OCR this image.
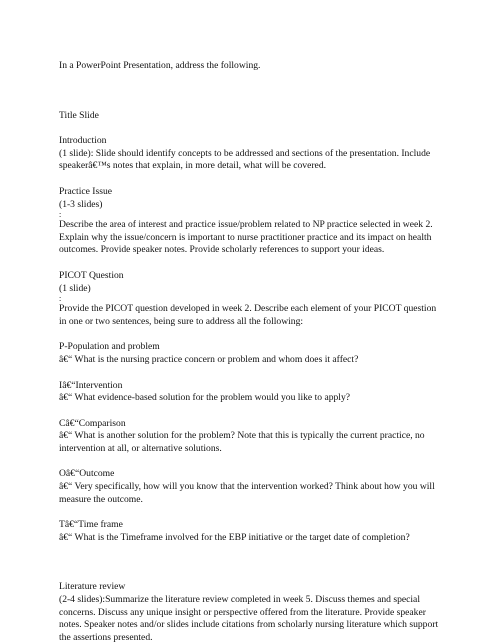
In a PowerPoint Presentation, address the following.

Title Slide

Introduction

(1 slide): Slide should identify concepts to be addressed and sections of the presentation. Include speakerâ€™s notes that explain, in more detail, what will be covered.

Practice Issue

(1-3 slides)

:

Describe the area of interest and practice issue/problem related to NP practice selected in week 2. Explain why the issue/concern is important to nurse practitioner practice and its impact on health outcomes. Provide speaker notes. Provide scholarly references to support your ideas.

PICOT Question

(1 slide)

:

Provide the PICOT question developed in week 2. Describe each element of your PICOT question in one or two sentences, being sure to address all the following:

P-Population and problem

â€“ What is the nursing practice concern or problem and whom does it affect?

Iâ€“Intervention

â€“ What evidence-based solution for the problem would you like to apply?

Câ€“Comparison

â€“ What is another solution for the problem? Note that this is typically the current practice, no intervention at all, or alternative solutions.

Oâ€“Outcome

â€“ Very specifically, how will you know that the intervention worked? Think about how you will measure the outcome.

Tâ€“Time frame

â€“ What is the Timeframe involved for the EBP initiative or the target date of completion?

Literature review

(2-4 slides):Summarize the literature review completed in week 5. Discuss themes and special concerns. Discuss any unique insight or perspective offered from the literature. Provide speaker notes. Speaker notes and/or slides include citations from scholarly nursing literature which support the assertions presented.
